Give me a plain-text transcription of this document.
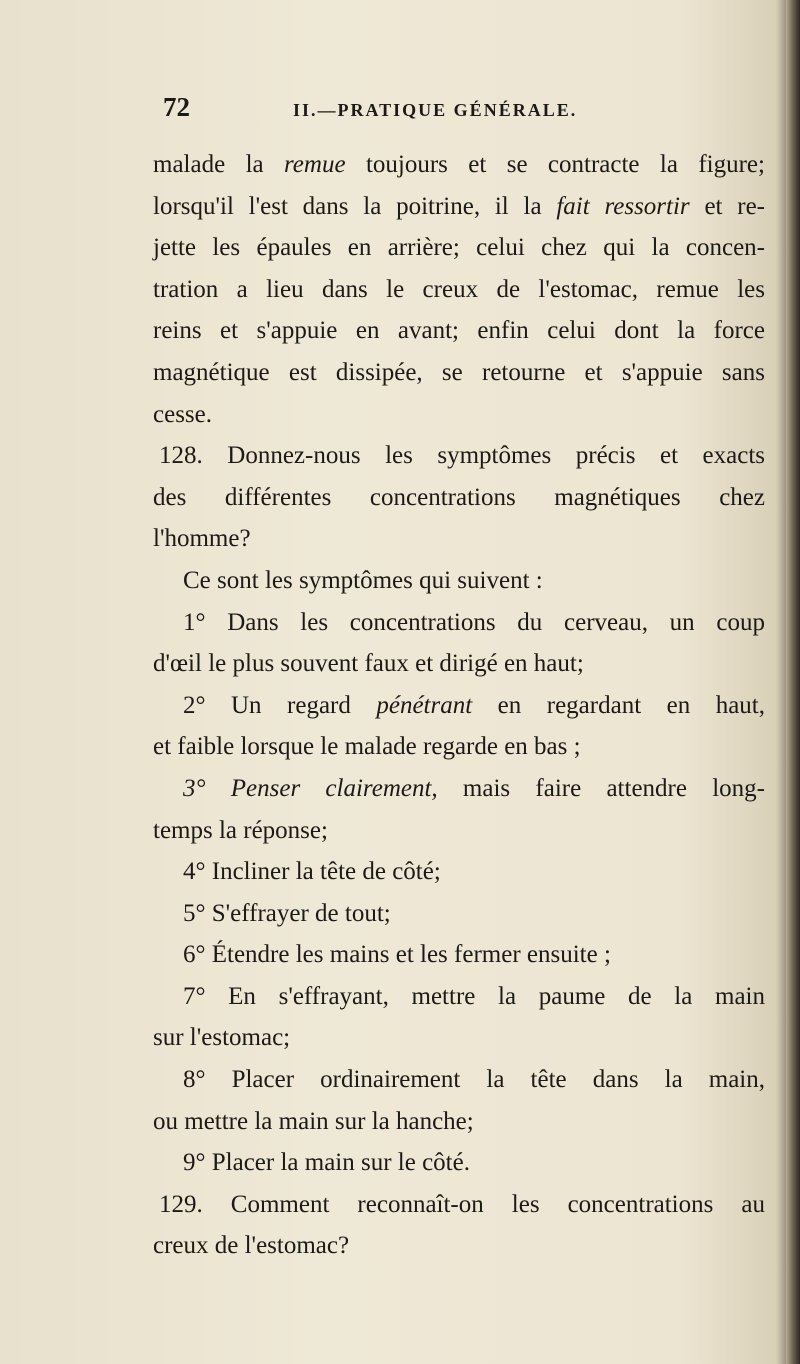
72	II.—PRATIQUE GÉNÉRALE.

malade la remue toujours et se contracte la figure;

lorsqu'il l'est dans la poitrine, il la fait ressortir et re-

jette les épaules en arrière; celui chez qui la concen-

tration a lieu dans le creux de l'estomac, remue les

reins et s'appuie en avant; enfin celui dont la force

magnétique est dissipée, se retourne et s'appuie sans

cesse.

128. Donnez-nous les symptômes précis et exacts

des différentes concentrations magnétiques chez

l'homme?

Ce sont les symptômes qui suivent :

1° Dans les concentrations du cerveau, un coup

d'œil le plus souvent faux et dirigé en haut;

2° Un regard pénétrant en regardant en haut,

et faible lorsque le malade regarde en bas ;

3° Penser clairement, mais faire attendre long-

temps la réponse;

4° Incliner la tête de côté;

5° S'effrayer de tout;

6° Étendre les mains et les fermer ensuite ;

7° En s'effrayant, mettre la paume de la main

sur l'estomac;

8° Placer ordinairement la tête dans la main,

ou mettre la main sur la hanche;

9° Placer la main sur le côté.

129. Comment reconnaît-on les concentrations au

creux de l'estomac?
